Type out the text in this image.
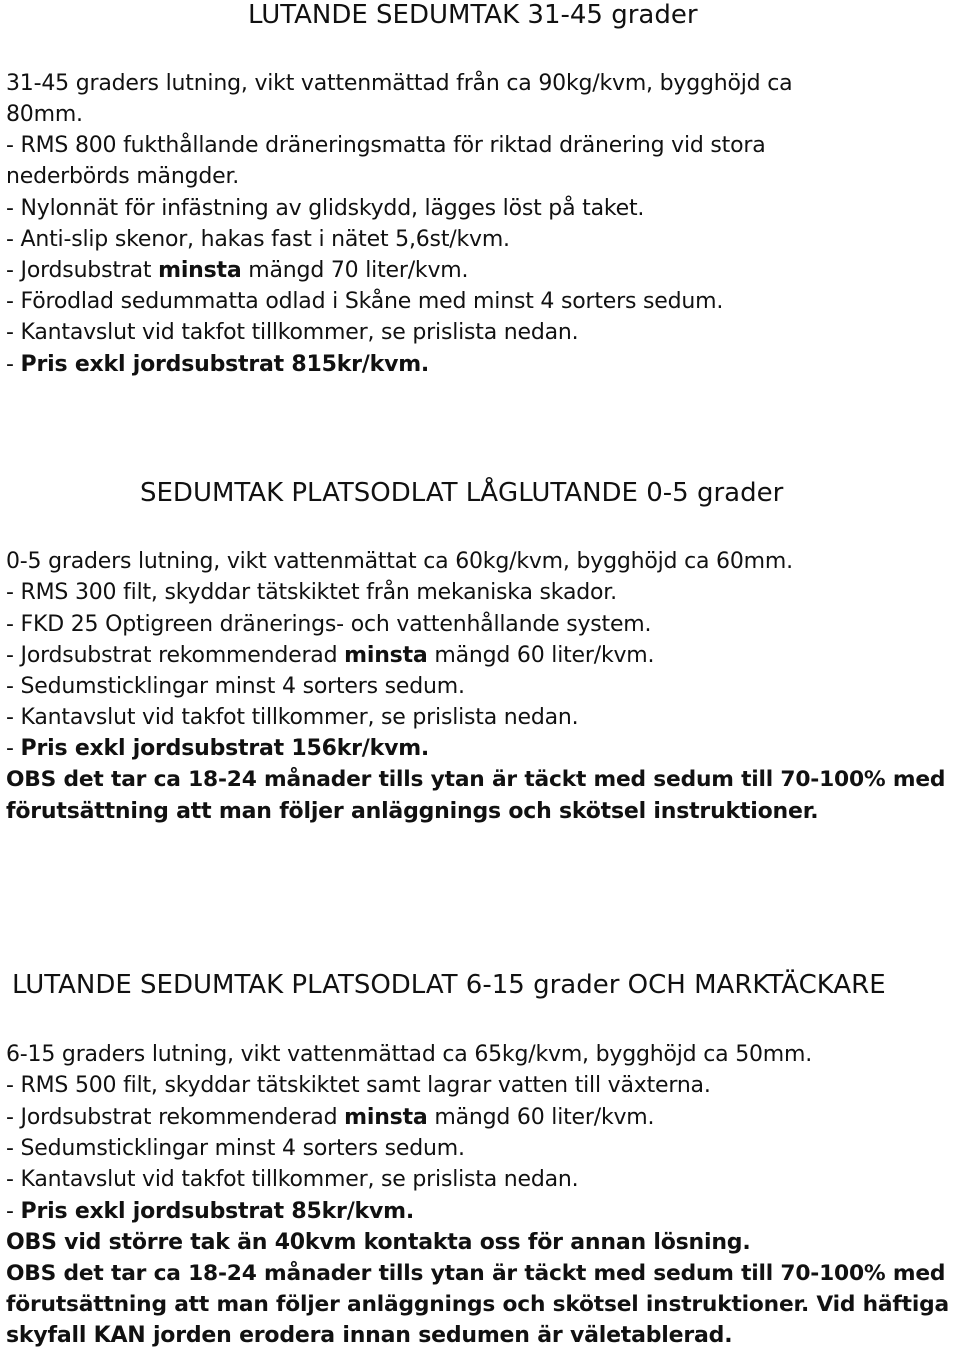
LUTANDE SEDUMTAK 31-45 grader

31-45 graders lutning, vikt vattenmättad från ca 90kg/kvm, bygghöjd ca

80mm.

- RMS 800 fukthållande dräneringsmatta för riktad dränering vid stora

nederbörds mängder.

- Nylonnät för infästning av glidskydd, lägges löst på taket.

- Anti-slip skenor, hakas fast i nätet 5,6st/kvm.

- Jordsubstrat minsta mängd 70 liter/kvm.

- Förodlad sedummatta odlad i Skåne med minst 4 sorters sedum.

- Kantavslut vid takfot tillkommer, se prislista nedan.

- Pris exkl jordsubstrat 815kr/kvm.

SEDUMTAK PLATSODLAT LÅGLUTANDE 0-5 grader

0-5 graders lutning, vikt vattenmättat ca 60kg/kvm, bygghöjd ca 60mm.

- RMS 300 filt, skyddar tätskiktet från mekaniska skador.

- FKD 25 Optigreen dränerings- och vattenhållande system.

- Jordsubstrat rekommenderad minsta mängd 60 liter/kvm.

- Sedumsticklingar minst 4 sorters sedum.

- Kantavslut vid takfot tillkommer, se prislista nedan.

- Pris exkl jordsubstrat 156kr/kvm.

OBS det tar ca 18-24 månader tills ytan är täckt med sedum till 70-100% med

förutsättning att man följer anläggnings och skötsel instruktioner.

LUTANDE SEDUMTAK PLATSODLAT 6-15 grader OCH MARKTÄCKARE

6-15 graders lutning, vikt vattenmättad ca 65kg/kvm, bygghöjd ca 50mm.

- RMS 500 filt, skyddar tätskiktet samt lagrar vatten till växterna.

- Jordsubstrat rekommenderad minsta mängd 60 liter/kvm.

- Sedumsticklingar minst 4 sorters sedum.

- Kantavslut vid takfot tillkommer, se prislista nedan.

- Pris exkl jordsubstrat 85kr/kvm.

OBS vid större tak än 40kvm kontakta oss för annan lösning.

OBS det tar ca 18-24 månader tills ytan är täckt med sedum till 70-100% med

förutsättning att man följer anläggnings och skötsel instruktioner. Vid häftiga

skyfall KAN jorden erodera innan sedumen är väletablerad.
